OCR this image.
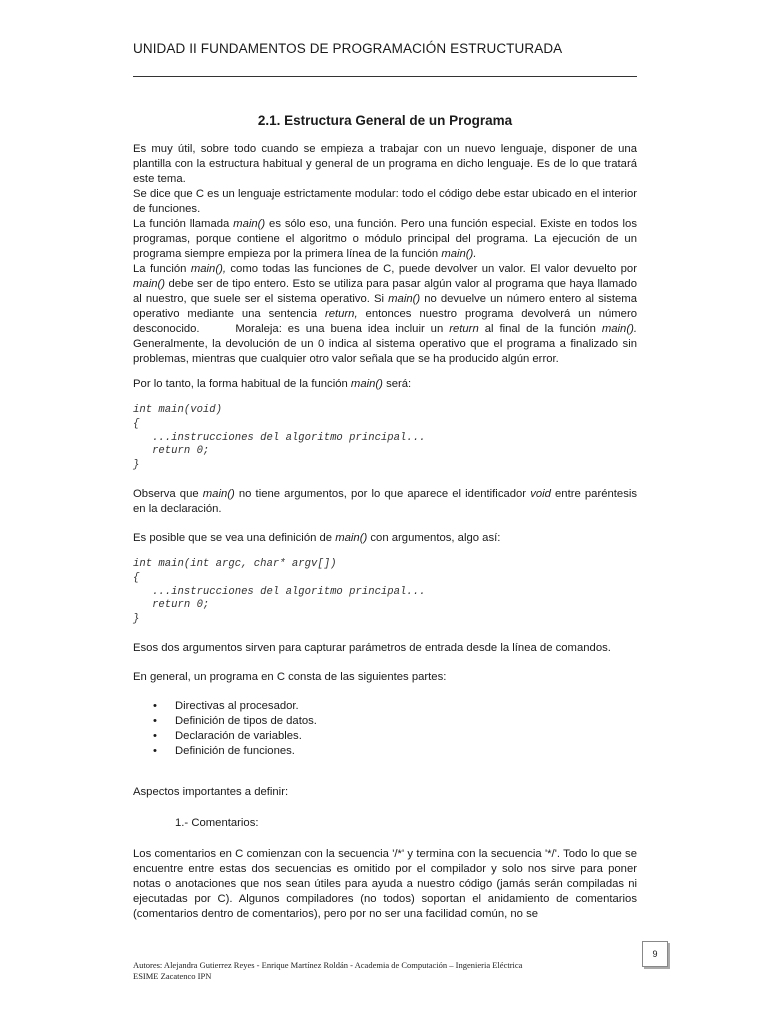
UNIDAD II FUNDAMENTOS DE PROGRAMACIÓN ESTRUCTURADA
2.1. Estructura General de un Programa

Es muy útil, sobre todo cuando se empieza a trabajar con un nuevo lenguaje, disponer de una plantilla con la estructura habitual y general de un programa en dicho lenguaje. Es de lo que tratará este tema.

Se dice que C es un lenguaje estrictamente modular: todo el código debe estar ubicado en el interior de funciones.

La función llamada main() es sólo eso, una función. Pero una función especial. Existe en todos los programas, porque contiene el algoritmo o módulo principal del programa. La ejecución de un programa siempre empieza por la primera línea de la función main().

La función main(), como todas las funciones de C, puede devolver un valor. El valor devuelto por main() debe ser de tipo entero. Esto se utiliza para pasar algún valor al programa que haya llamado al nuestro, que suele ser el sistema operativo. Si main() no devuelve un número entero al sistema operativo mediante una sentencia return, entonces nuestro programa devolverá un número desconocido.      Moraleja: es una buena idea incluir un return al final de la función main().      Generalmente, la devolución de un 0 indica al sistema operativo que el programa a finalizado sin problemas, mientras que cualquier otro valor señala que se ha producido algún error.

Por lo tanto, la forma habitual de la función main() será:

int main(void)
{
...instrucciones del algoritmo principal...
return 0;
}

Observa que main() no tiene argumentos, por lo que aparece el identificador void entre paréntesis en la declaración.

Es posible que se vea una definición de main() con argumentos, algo así:

int main(int argc, char* argv[])
{
...instrucciones del algoritmo principal...
return 0;
}

Esos dos argumentos sirven para capturar parámetros de entrada desde la línea de comandos.

En general, un programa en C consta de las siguientes partes:

• Directivas al procesador.
• Definición de tipos de datos.
• Declaración de variables.
• Definición de funciones.

Aspectos importantes a definir:

1.- Comentarios:

Los comentarios en C comienzan con la secuencia '/*' y termina con la secuencia '*/'. Todo lo que se encuentre entre estas dos secuencias es omitido por el compilador y solo nos sirve para poner notas o anotaciones que nos sean útiles para ayuda a nuestro código (jamás serán compiladas ni ejecutadas por C). Algunos compiladores (no todos) soportan el anidamiento de comentarios (comentarios dentro de comentarios), pero por no ser una facilidad común, no se

9
Autores: Alejandra Gutierrez Reyes - Enrique Martínez Roldán - Academia de Computación – Ingenieria Eléctrica
ESIME Zacatenco IPN
